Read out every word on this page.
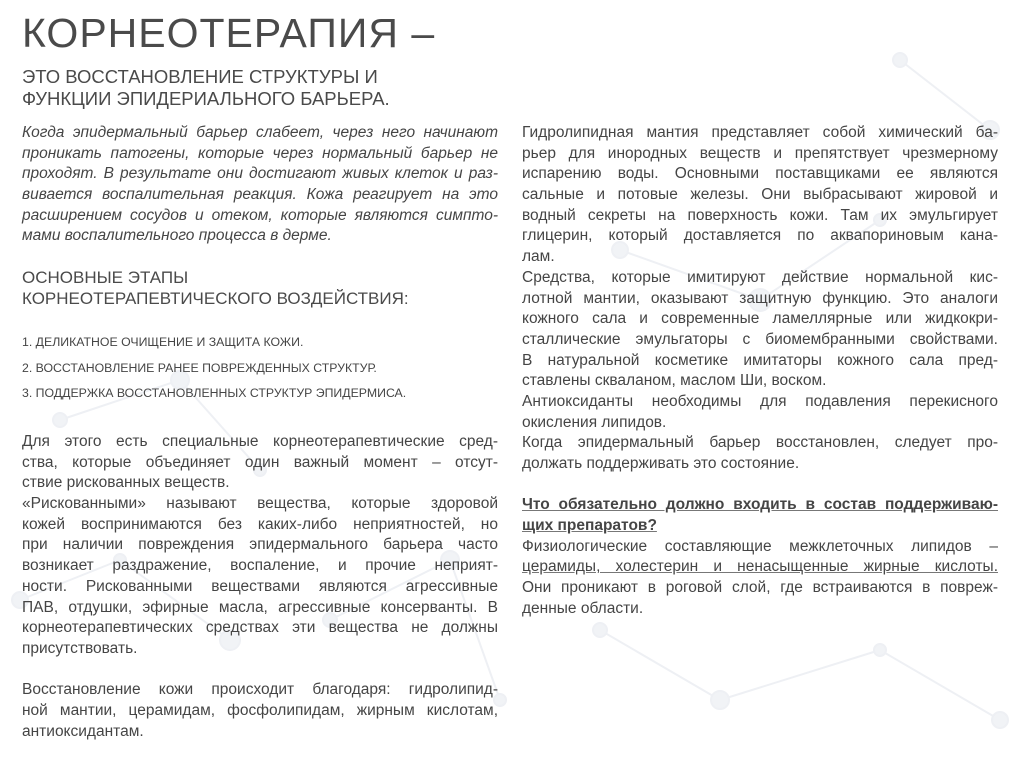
КОРНЕОТЕРАПИЯ –
ЭТО ВОССТАНОВЛЕНИЕ СТРУКТУРЫ И
ФУНКЦИИ ЭПИДЕРИАЛЬНОГО БАРЬЕРА.
Когда эпидермальный барьер слабеет, через него начинают
проникать патогены, которые через нормальный барьер не
проходят. В результате они достигают живых клеток и раз-
вивается воспалительная реакция. Кожа реагирует на это
расширением сосудов и отеком, которые являются симпто-
мами воспалительного процесса в дерме.
ОСНОВНЫЕ ЭТАПЫ
КОРНЕОТЕРАПЕВТИЧЕСКОГО ВОЗДЕЙСТВИЯ:
1. ДЕЛИКАТНОЕ ОЧИЩЕНИЕ И ЗАЩИТА КОЖИ.
2. ВОССТАНОВЛЕНИЕ РАНЕЕ ПОВРЕЖДЕННЫХ СТРУКТУР.
3. ПОДДЕРЖКА ВОССТАНОВЛЕННЫХ СТРУКТУР ЭПИДЕРМИСА.
Для этого есть специальные корнеотерапевтические сред-
ства, которые объединяет один важный момент – отсут-
ствие рискованных веществ.
«Рискованными» называют вещества, которые здоровой
кожей воспринимаются без каких-либо неприятностей, но
при наличии повреждения эпидермального барьера часто
возникает раздражение, воспаление, и прочие неприят-
ности. Рискованными веществами являются агрессивные
ПАВ, отдушки, эфирные масла, агрессивные консерванты. В
корнеотерапевтических средствах эти вещества не должны
присутствовать.
Восстановление кожи происходит благодаря: гидролипид-
ной мантии, церамидам, фосфолипидам, жирным кислотам,
антиоксидантам.
Гидролипидная мантия представляет собой химический ба-
рьер для инородных веществ и препятствует чрезмерному
испарению воды. Основными поставщиками ее являются
сальные и потовые железы. Они выбрасывают жировой и
водный секреты на поверхность кожи. Там их эмульгирует
глицерин, который доставляется по аквапориновым кана-
лам.
Средства, которые имитируют действие нормальной кис-
лотной мантии, оказывают защитную функцию. Это аналоги
кожного сала и современные ламеллярные или жидкокри-
сталлические эмульгаторы с биомембранными свойствами.
В натуральной косметике имитаторы кожного сала пред-
ставлены скваланом, маслом Ши, воском.
Антиоксиданты необходимы для подавления перекисного
окисления липидов.
Когда эпидермальный барьер восстановлен, следует про-
должать поддерживать это состояние.
Что обязательно должно входить в состав поддерживаю-
щих препаратов?
Физиологические составляющие межклеточных липидов –
церамиды, холестерин и ненасыщенные жирные кислоты.
Они проникают в роговой слой, где встраиваются в повреж-
денные области.
